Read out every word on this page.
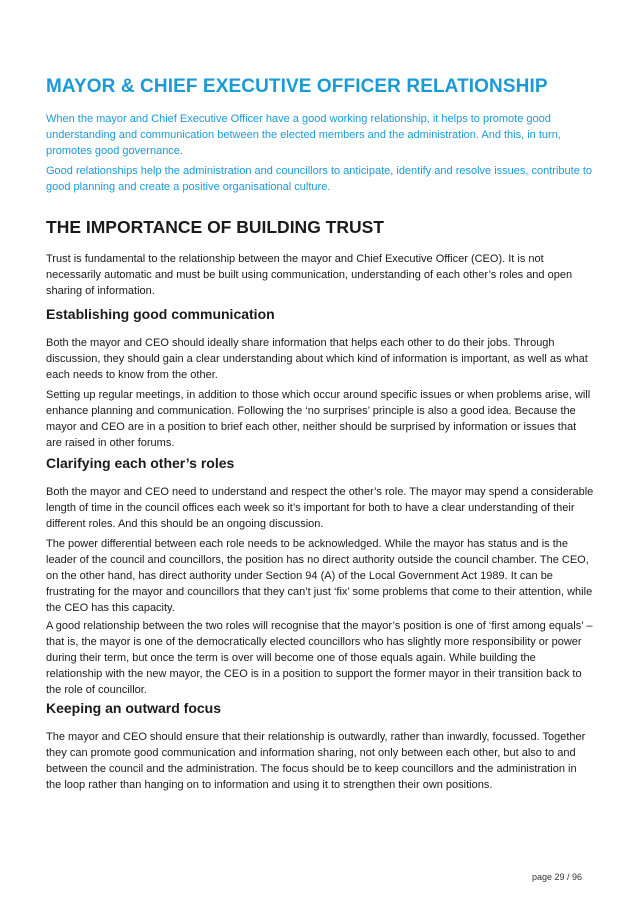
MAYOR & CHIEF EXECUTIVE OFFICER RELATIONSHIP

When the mayor and Chief Executive Officer have a good working relationship, it helps to promote good understanding and communication between the elected members and the administration. And this, in turn, promotes good governance.

Good relationships help the administration and councillors to anticipate, identify and resolve issues, contribute to good planning and create a positive organisational culture.

THE IMPORTANCE OF BUILDING TRUST

Trust is fundamental to the relationship between the mayor and Chief Executive Officer (CEO). It is not necessarily automatic and must be built using communication, understanding of each other’s roles and open sharing of information.

Establishing good communication

Both the mayor and CEO should ideally share information that helps each other to do their jobs. Through discussion, they should gain a clear understanding about which kind of information is important, as well as what each needs to know from the other.

Setting up regular meetings, in addition to those which occur around specific issues or when problems arise, will enhance planning and communication. Following the ‘no surprises’ principle is also a good idea. Because the mayor and CEO are in a position to brief each other, neither should be surprised by information or issues that are raised in other forums.

Clarifying each other’s roles

Both the mayor and CEO need to understand and respect the other’s role. The mayor may spend a considerable length of time in the council offices each week so it’s important for both to have a clear understanding of their different roles. And this should be an ongoing discussion.

The power differential between each role needs to be acknowledged. While the mayor has status and is the leader of the council and councillors, the position has no direct authority outside the council chamber. The CEO, on the other hand, has direct authority under Section 94 (A) of the Local Government Act 1989. It can be frustrating for the mayor and councillors that they can’t just ‘fix’ some problems that come to their attention, while the CEO has this capacity.

A good relationship between the two roles will recognise that the mayor’s position is one of ‘first among equals’ – that is, the mayor is one of the democratically elected councillors who has slightly more responsibility or power during their term, but once the term is over will become one of those equals again. While building the relationship with the new mayor, the CEO is in a position to support the former mayor in their transition back to the role of councillor.

Keeping an outward focus

The mayor and CEO should ensure that their relationship is outwardly, rather than inwardly, focussed. Together they can promote good communication and information sharing, not only between each other, but also to and between the council and the administration. The focus should be to keep councillors and the administration in the loop rather than hanging on to information and using it to strengthen their own positions.

page 29 / 96
